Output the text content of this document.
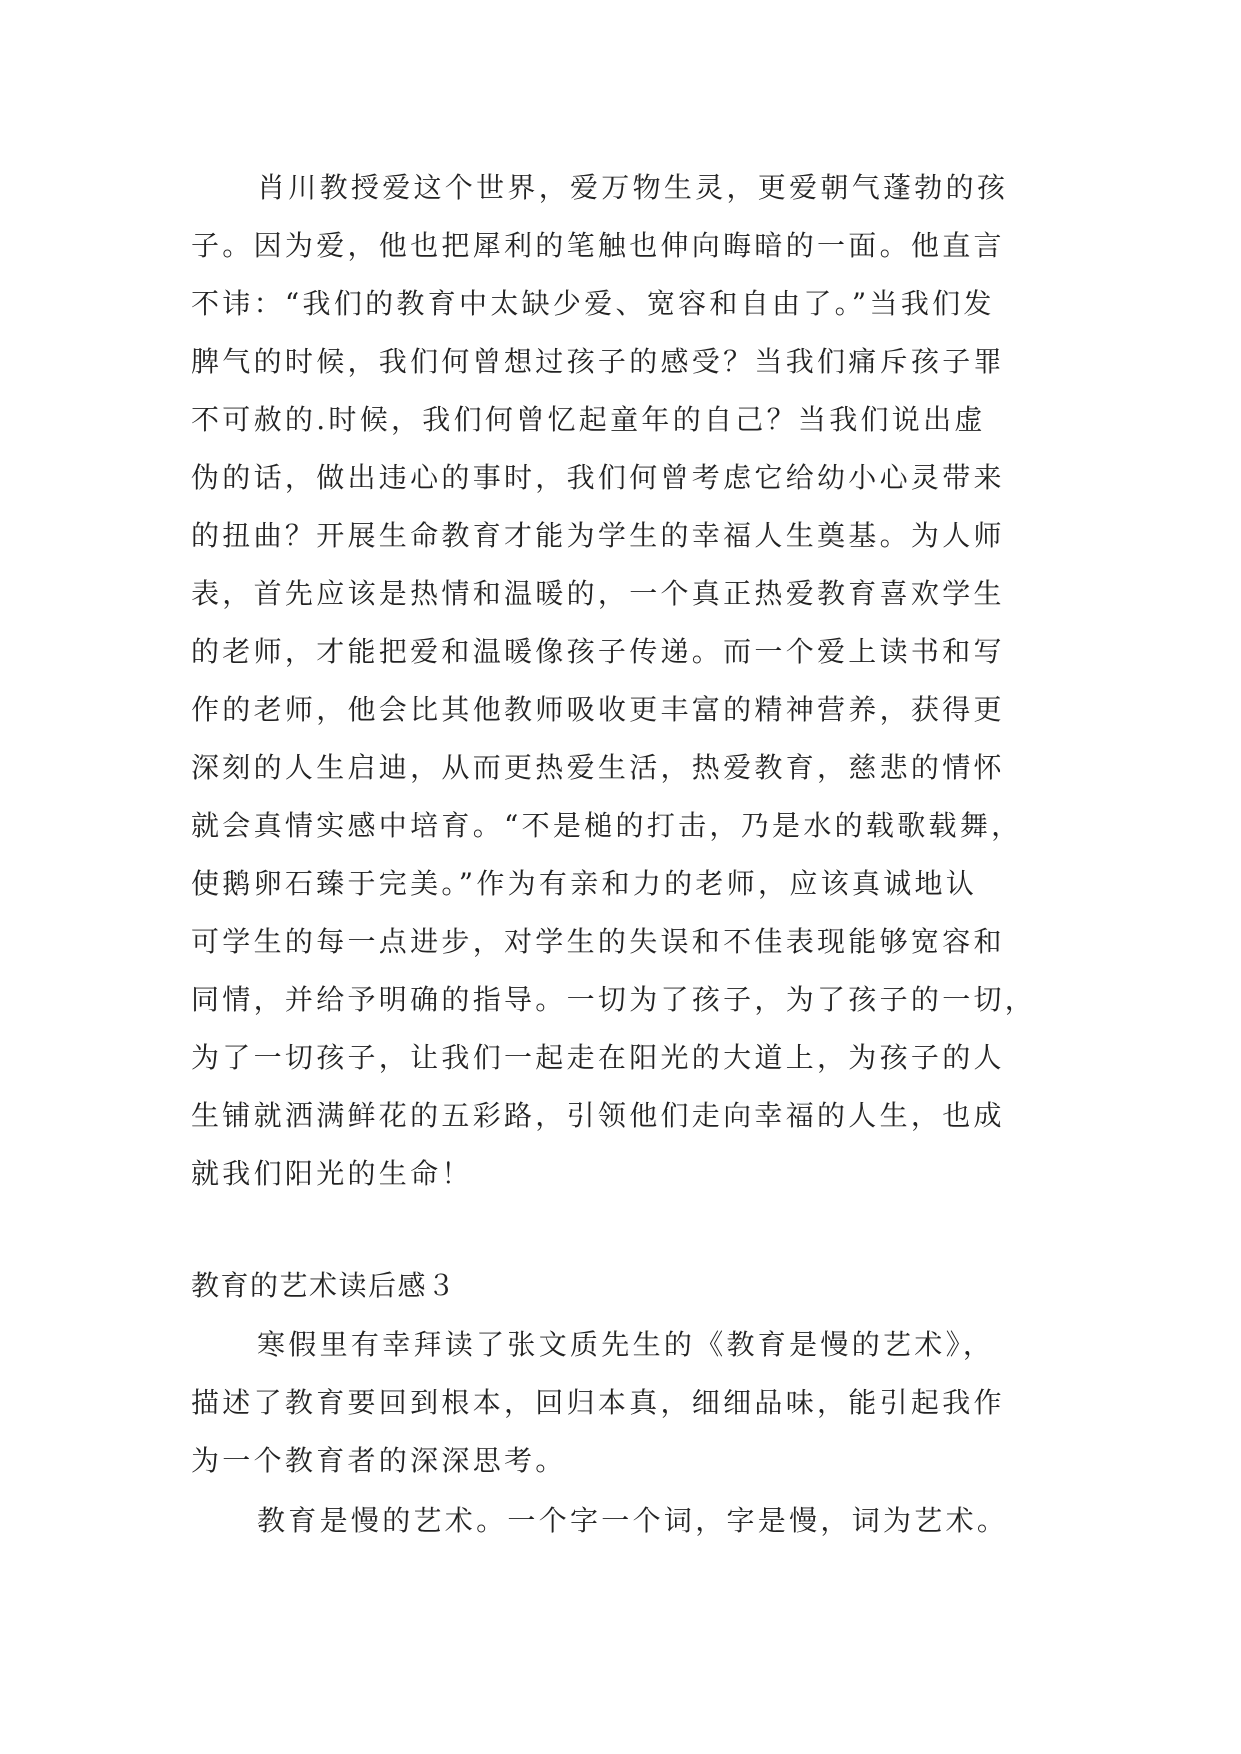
肖川教授爱这个世界，爱万物生灵，更爱朝气蓬勃的孩
子。因为爱，他也把犀利的笔触也伸向晦暗的一面。他直言
不讳：“我们的教育中太缺少爱、宽容和自由了。”当我们发
脾气的时候，我们何曾想过孩子的感受？当我们痛斥孩子罪
不可赦的.时候，我们何曾忆起童年的自己？当我们说出虚
伪的话，做出违心的事时，我们何曾考虑它给幼小心灵带来
的扭曲？开展生命教育才能为学生的幸福人生奠基。为人师
表，首先应该是热情和温暖的，一个真正热爱教育喜欢学生
的老师，才能把爱和温暖像孩子传递。而一个爱上读书和写
作的老师，他会比其他教师吸收更丰富的精神营养，获得更
深刻的人生启迪，从而更热爱生活，热爱教育，慈悲的情怀
就会真情实感中培育。“不是槌的打击，乃是水的载歌载舞，
使鹅卵石臻于完美。”作为有亲和力的老师，应该真诚地认
可学生的每一点进步，对学生的失误和不佳表现能够宽容和
同情，并给予明确的指导。一切为了孩子，为了孩子的一切，
为了一切孩子，让我们一起走在阳光的大道上，为孩子的人
生铺就洒满鲜花的五彩路，引领他们走向幸福的人生，也成
就我们阳光的生命！
教育的艺术读后感３
寒假里有幸拜读了张文质先生的《教育是慢的艺术》，
描述了教育要回到根本，回归本真，细细品味，能引起我作
为一个教育者的深深思考。
教育是慢的艺术。一个字一个词，字是慢，词为艺术。
